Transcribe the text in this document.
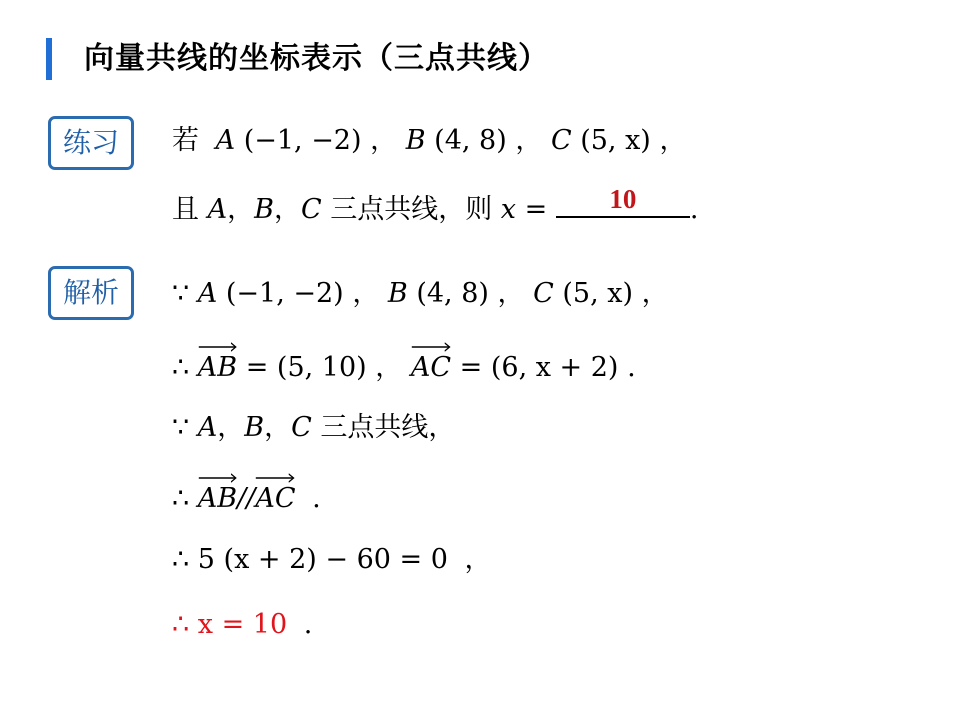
向量共线的坐标表示（三点共线）
练习	若 A (−1, −2) ， B (4, 8) ， C (5, x) ，
且 A，B，C 三点共线，则 x =	10	.
解析	∵ A (−1, −2) ， B (4, 8) ， C (5, x) ，
∴ AB = (5, 10) ， AC = (6, x + 2) .
∵ A，B，C 三点共线，
∴ AB//
AC .
∴ 5 (x + 2) − 60 = 0 ，
∴ x = 10 .
